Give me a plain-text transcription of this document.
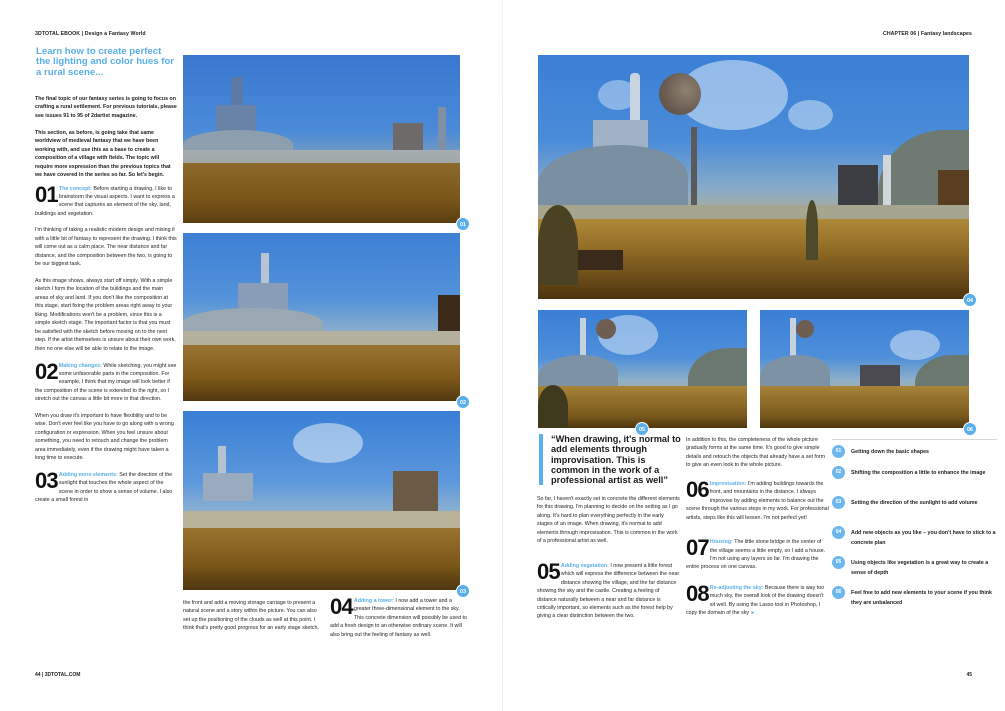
3DTOTAL EBOOK | Design a Fantasy World	CHAPTER 06 | Fantasy landscapes
Learn how to create perfect the lighting and color hues for a rural scene...

The final topic of our fantasy series is going to focus on crafting a rural settlement. For previous tutorials, please see issues 91 to 95 of 2dartist magazine.

This section, as before, is going take that same worldview of medieval fantasy that we have been working with, and use this as a base to create a composition of a village with fields. The topic will require more expression than the previous topics that we have covered in the series so far. So let's begin.

01 The concept: Before starting a drawing, I like to brainstorm the visual aspects. I want to express a scene that captures an element of the sky, land, buildings and vegetation.

I'm thinking of taking a realistic modern design and mixing it with a little bit of fantasy to represent the drawing. I think this will come out as a calm place. The near distance and far distance, and the composition between the two, is going to be our biggest task.

As this image shows, always start off simply. With a simple sketch I form the location of the buildings and the main areas of sky and land. If you don't like the composition at this stage, start fixing the problem areas right away to your liking. Modifications won't be a problem, since this is a simple sketch stage. The important factor is that you must be satisfied with the sketch before moving on to the next step. If the artist themselves is unsure about their own work, then no one else will be able to relate to the image.

02 Making changes: While sketching, you might see some unfavorable parts in the composition. For example, I think that my image will look better if the composition of the scene is extended to the right, so I stretch out the canvas a little bit more in that direction.

When you draw it's important to have flexibility and to be wise. Don't ever feel like you have to go along with a wrong configuration or expression. When you feel unsure about something, you need to retouch and change the problem area immediately, even if the drawing might have taken a long time to execute.

03 Adding more elements: Set the direction of the sunlight that touches the whole aspect of the scene in order to show a sense of volume. I also create a small forest in
01
02
03

the front and add a moving storage carriage to present a natural scene and a story within the picture. You can also set up the positioning of the clouds as well at this point. I think that's pretty good progress for an early stage sketch.

04 Adding a tower: I now add a tower and a greater three-dimensional element to the sky. This concrete dimension will possibly be used to add a fresh design to an otherwise ordinary scene. It will also bring out the feeling of fantasy as well.
44 | 3DTOTAL.COM
04
05	06
“When drawing, it's normal to add elements through improvisation. This is common in the work of a professional artist as well”

So far, I haven't exactly set in concrete the different elements for this drawing. I'm planning to decide on the setting as I go along. It's hard to plan everything perfectly in the early stages of an image. When drawing, it's normal to add elements through improvisation. This is common in the work of a professional artist as well.

05 Adding vegetation: I now present a little forest which will express the difference between the near distance showing the village, and the far distance showing the sky and the castle. Creating a feeling of distance naturally between a near and far distance is critically important, so elements such as the forest help by giving a clear distinction between the two.

In addition to this, the completeness of the whole picture gradually forms at the same time. It's good to give simple details and retouch the objects that already have a set form to give an even look to the whole picture.

06 Improvisation: I'm adding buildings towards the front, and mountains in the distance. I always improvise by adding elements to balance out the scene through the various steps in my work. For professional artists, steps like this will lessen. I'm not perfect yet!
07 Housing: The little stone bridge in the center of the village seems a little empty, so I add a house. I'm not using any layers so far. I'm drawing the entire process on one canvas.
08 Re-adjusting the sky: Because there is way too much sky, the overall look of the drawing doesn't sit well. By using the Lasso tool in Photoshop, I copy the domain of the sky ►
01	Getting down the basic shapes
02	Shifting the composition a little to enhance the image
03	Setting the direction of the sunlight to add volume
04	Add new objects as you like – you don't have to stick to a concrete plan
05	Using objects like vegetation is a great way to create a sense of depth
06	Feel free to add new elements to your scene if you think they are unbalanced
45
